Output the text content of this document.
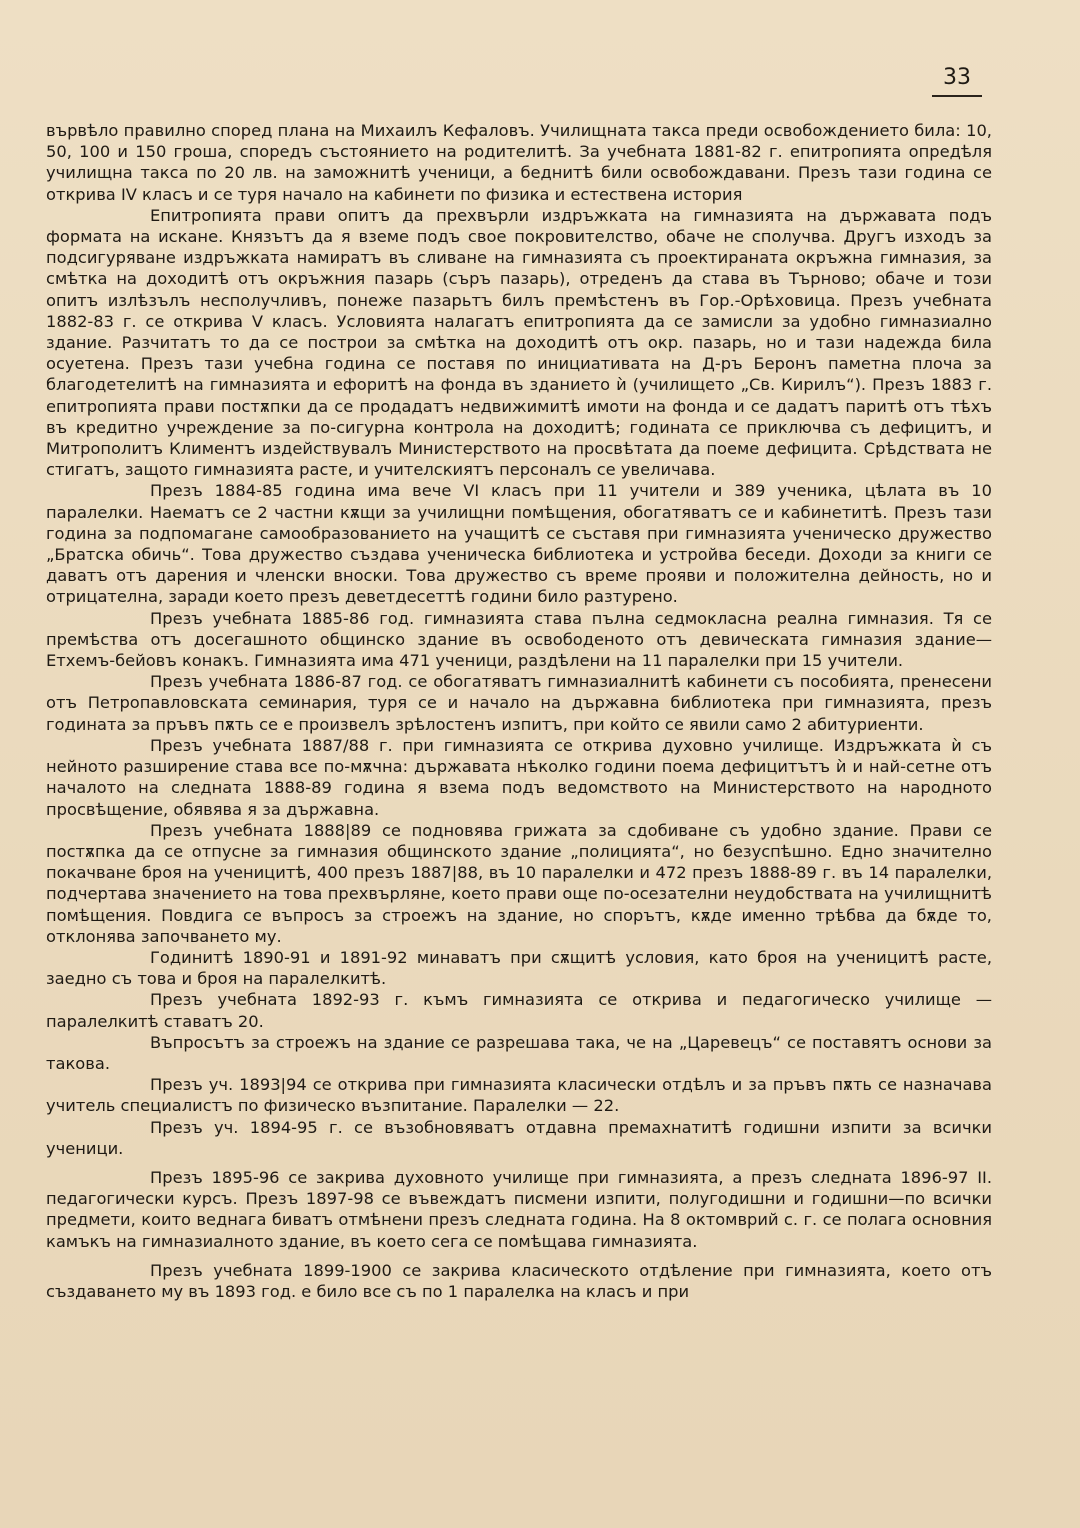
33

вървѣло правилно според плана на Михаилъ Кефаловъ. Училищната такса преди освобождението била: 10, 50, 100 и 150 гроша, споредъ състоянието на родителитѣ. За учебната 1881-82 г. епитропията опредѣля училищна такса по 20 лв. на заможнитѣ ученици, а беднитѣ били освобождавани. Презъ тази година се открива IV класъ и се туря начало на кабинети по физика и естествена история

Епитропията прави опитъ да прехвърли издръжката на гимназията на държавата подъ формата на искане. Князътъ да я вземе подъ свое покровителство, обаче не сполучва. Другъ изходъ за подсигуряване издръжката намиратъ въ сливане на гимназията съ проектираната окръжна гимназия, за смѣтка на доходитѣ отъ окръжния пазарь (съръ пазарь), отреденъ да става въ Търново; обаче и този опитъ излѣзълъ несполучливъ, понеже пазарьтъ билъ премѣстенъ въ Гор.-Орѣховица. Презъ учебната 1882-83 г. се открива V класъ. Условията налагатъ епитропията да се замисли за удобно гимназиално здание. Разчитатъ то да се построи за смѣтка на доходитѣ отъ окр. пазарь, но и тази надежда била осуетена. Презъ тази учебна година се поставя по инициативата на Д-ръ Беронъ паметна плоча за благодетелитѣ на гимназията и ефоритѣ на фонда въ зданието ѝ (училището „Св. Кирилъ“). Презъ 1883 г. епитропията прави постѫпки да се продадатъ недвижимитѣ имоти на фонда и се дадатъ паритѣ отъ тѣхъ въ кредитно учреждение за по-сигурна контрола на доходитѣ; годината се приключва съ дефицитъ, и Митрополитъ Климентъ издействувалъ Министерството на просвѣтата да поеме дефицита. Срѣдствата не стигатъ, защото гимназията расте, и учителскиятъ персоналъ се увеличава.

Презъ 1884-85 година има вече VI класъ при 11 учители и 389 ученика, цѣлата въ 10 паралелки. Наематъ се 2 частни кѫщи за училищни помѣщения, обогатяватъ се и кабинетитѣ. Презъ тази година за подпомагане самообразованието на учащитѣ се съставя при гимназията ученическо дружество „Братска обичь“. Това дружество създава ученическа библиотека и устройва беседи. Доходи за книги се даватъ отъ дарения и членски вноски. Това дружество съ време прояви и положителна дейность, но и отрицателна, заради което презъ деветдесеттѣ години било разтурено.

Презъ учебната 1885-86 год. гимназията става пълна седмокласна реална гимназия. Тя се премѣства отъ досегашното общинско здание въ освободеното отъ девическата гимназия здание— Етхемъ-бейовъ конакъ. Гимназията има 471 ученици, раздѣлени на 11 паралелки при 15 учители.

Презъ учебната 1886-87 год. се обогатяватъ гимназиалнитѣ кабинети съ пособията, пренесени отъ Петропавловската семинария, туря се и начало на държавна библиотека при гимназията, презъ годината за пръвъ пѫть се е произвелъ зрѣлостенъ изпитъ, при който се явили само 2 абитуриенти.

Презъ учебната 1887/88 г. при гимназията се открива духовно училище. Издръжката ѝ съ нейното разширение става все по-мѫчна: държавата нѣколко години поема дефицитътъ ѝ и най-сетне отъ началото на следната 1888-89 година я взема подъ ведомството на Министерството на народното просвѣщение, обявява я за държавна.

Презъ учебната 1888|89 се подновява грижата за сдобиване съ удобно здание. Прави се постѫпка да се отпусне за гимназия общинското здание „полицията“, но безуспѣшно. Едно значително покачване броя на ученицитѣ, 400 презъ 1887|88, въ 10 паралелки и 472 презъ 1888-89 г. въ 14 паралелки, подчертава значението на това прехвърляне, което прави още по-осезателни неудобствата на училищнитѣ помѣщения. Повдига се въпросъ за строежъ на здание, но спорътъ, кѫде именно трѣбва да бѫде то, отклонява започването му.

Годинитѣ 1890-91 и 1891-92 минаватъ при сѫщитѣ условия, като броя на ученицитѣ расте, заедно съ това и броя на паралелкитѣ.

Презъ учебната 1892-93 г. къмъ гимназията се открива и педагогическо училище —паралелкитѣ ставатъ 20.

Въпросътъ за строежъ на здание се разрешава така, че на „Царевецъ“ се поставятъ основи за такова.

Презъ уч. 1893|94 се открива при гимназията класически отдѣлъ и за пръвъ пѫть се назначава учитель специалистъ по физическо възпитание. Паралелки — 22.

Презъ уч. 1894-95 г. се възобновяватъ отдавна премахнатитѣ годишни изпити за всички ученици.

Презъ 1895-96 се закрива духовното училище при гимназията, а презъ следната 1896-97 II. педагогически курсъ. Презъ 1897-98 се въвеждатъ писмени изпити, полугодишни и годишни—по всички предмети, които веднага биватъ отмѣнени презъ следната година. На 8 октомврий с. г. се полага основния камъкъ на гимназиалното здание, въ което сега се помѣщава гимназията.

Презъ учебната 1899-1900 се закрива класическото отдѣление при гимназията, което отъ създаването му въ 1893 год. е било все съ по 1 паралелка на класъ и при
